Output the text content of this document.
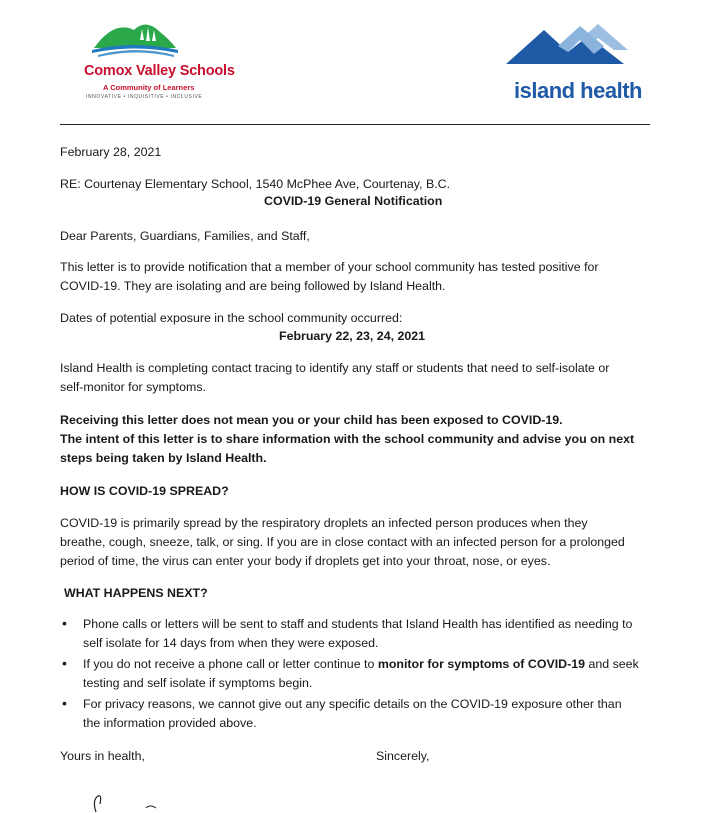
Comox Valley Schools
A Community of Learners
INNOVATIVE • INQUISITIVE • INCLUSIVE	island health
February 28, 2021
RE: Courtenay Elementary School, 1540 McPhee Ave, Courtenay, B.C.
COVID-19 General Notification
Dear Parents, Guardians, Families, and Staff,
This letter is to provide notification that a member of your school community has tested positive for
COVID-19. They are isolating and are being followed by Island Health.
Dates of potential exposure in the school community occurred:
February 22, 23, 24, 2021
Island Health is completing contact tracing to identify any staff or students that need to self-isolate or
self-monitor for symptoms.
Receiving this letter does not mean you or your child has been exposed to COVID-19.
The intent of this letter is to share information with the school community and advise you on next
steps being taken by Island Health.
HOW IS COVID-19 SPREAD?
COVID-19 is primarily spread by the respiratory droplets an infected person produces when they
breathe, cough, sneeze, talk, or sing. If you are in close contact with an infected person for a prolonged
period of time, the virus can enter your body if droplets get into your throat, nose, or eyes.
WHAT HAPPENS NEXT?
• Phone calls or letters will be sent to staff and students that Island Health has identified as needing to
self isolate for 14 days from when they were exposed.
• If you do not receive a phone call or letter continue to monitor for symptoms of COVID-19 and seek
testing and self isolate if symptoms begin.
• For privacy reasons, we cannot give out any specific details on the COVID-19 exposure other than
the information provided above.
Yours in health,	Sincerely,
